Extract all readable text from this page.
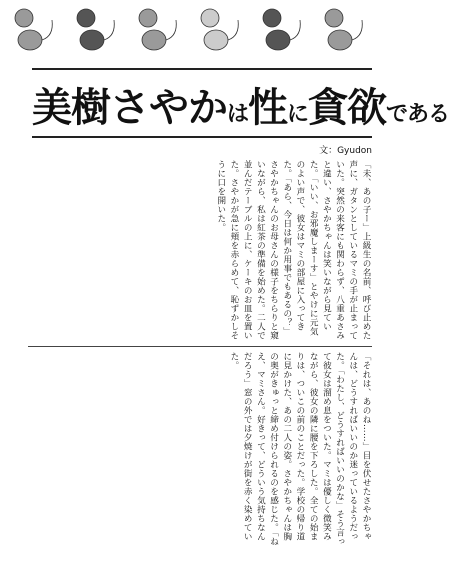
美樹さやかは性に貪欲である
文：Gyudon
「未、あの子ー」上級生の名前、呼び止めた声に、ガタンとしているマミの手が止まっていた。突然の来客にも関わらず、八重あさみと違い、さやかちゃんは笑いながら見ていた。「いい、お邪魔しまーす」とやけに元気のよい声で、彼女はマミの部屋に入ってきた。「あら、今日は何か用事でもあるの？」さやかちゃんのお母さんの様子をちらりと窺いながら、私は紅茶の準備を始めた。二人で並んだテーブルの上に、ケーキのお皿を置いた。さやかが急に頬を赤らめて、恥ずかしそうに口を開いた。
「それは、あのね……」目を伏せたさやかちゃんは、どうすればいいのか迷っているようだった。「わたし、どうすればいいのかな」そう言って彼女は溜め息をついた。マミは優しく微笑みながら、彼女の隣に腰を下ろした。全ての始まりは、ついこの前のことだった。学校の帰り道に見かけた、あの二人の姿。さやかちゃんは胸の奥がきゅっと締め付けられるのを感じた。「ねえ、マミさん。好きって、どういう気持ちなんだろう」窓の外では夕焼けが街を赤く染めていた。
